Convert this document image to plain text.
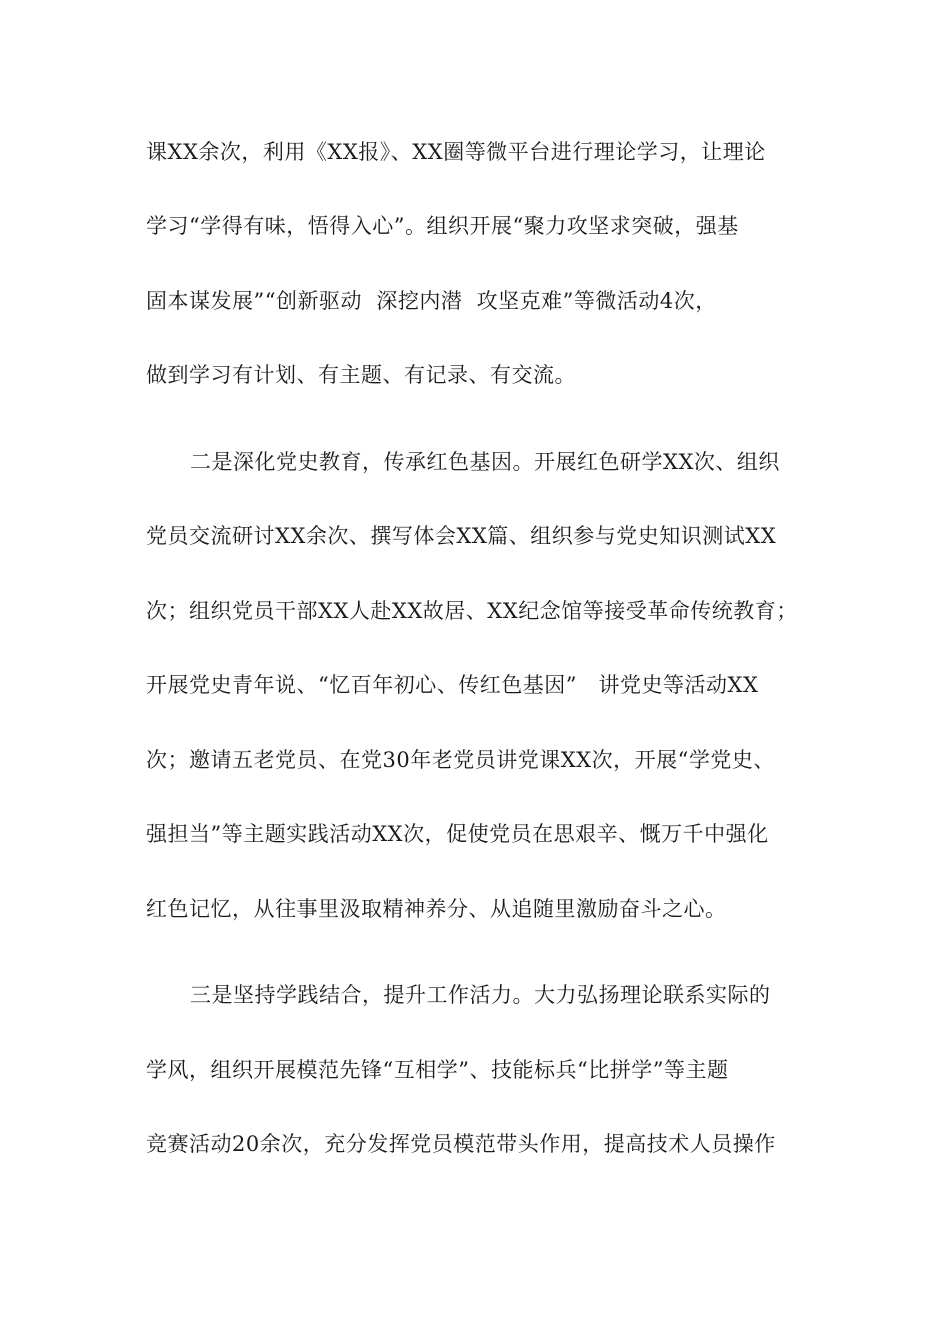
课XX余次，利用《XX报》、XX圈等微平台进行理论学习，让理论
学习“学得有味，悟得入心”。组织开展“聚力攻坚求突破，强基
固本谋发展”“创新驱动  深挖内潜  攻坚克难”等微活动4次，
做到学习有计划、有主题、有记录、有交流。
二是深化党史教育，传承红色基因。开展红色研学XX次、组织
党员交流研讨XX余次、撰写体会XX篇、组织参与党史知识测试XX
次；组织党员干部XX人赴XX故居、XX纪念馆等接受革命传统教育；
开展党史青年说、“忆百年初心、传红色基因”   讲党史等活动XX
次；邀请五老党员、在党30年老党员讲党课XX次，开展“学党史、
强担当”等主题实践活动XX次，促使党员在思艰辛、慨万千中强化
红色记忆，从往事里汲取精神养分、从追随里激励奋斗之心。
三是坚持学践结合，提升工作活力。大力弘扬理论联系实际的
学风，组织开展模范先锋“互相学”、技能标兵“比拼学”等主题
竞赛活动20余次，充分发挥党员模范带头作用，提高技术人员操作
